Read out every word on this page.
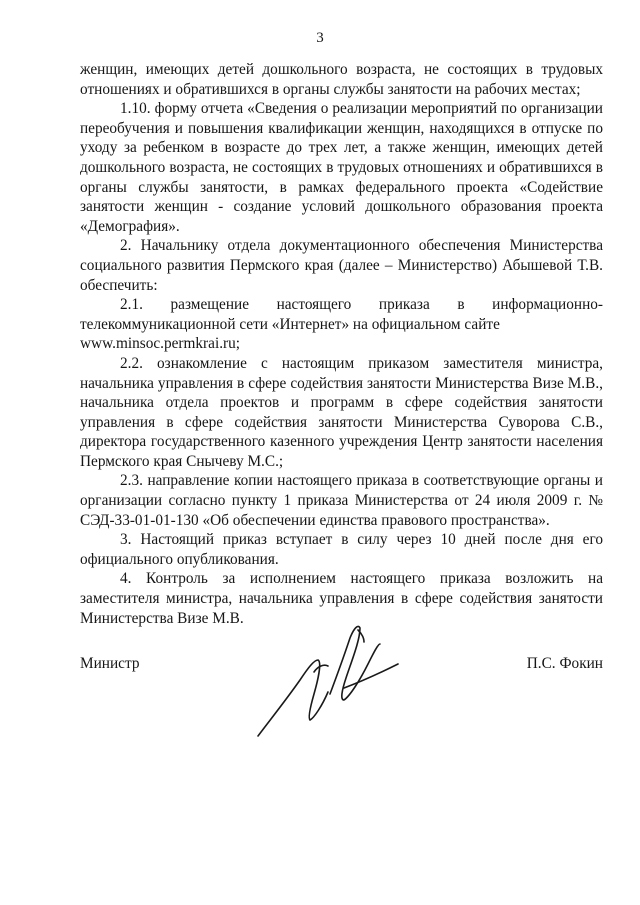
3

женщин, имеющих детей дошкольного возраста, не состоящих в трудовых отношениях и обратившихся в органы службы занятости на рабочих местах;

1.10. форму отчета «Сведения о реализации мероприятий по организации переобучения и повышения квалификации женщин, находящихся в отпуске по уходу за ребенком в возрасте до трех лет, а также женщин, имеющих детей дошкольного возраста, не состоящих в трудовых отношениях и обратившихся в органы службы занятости, в рамках федерального проекта «Содействие занятости женщин - создание условий дошкольного образования проекта «Демография».

2. Начальнику отдела документационного обеспечения Министерства социального развития Пермского края (далее – Министерство) Абышевой Т.В. обеспечить:

2.1. размещение настоящего приказа в информационно-телекоммуникационной сети «Интернет» на официальном сайте

www.minsoc.permkrai.ru;

2.2. ознакомление с настоящим приказом заместителя министра, начальника управления в сфере содействия занятости Министерства Визе М.В., начальника отдела проектов и программ в сфере содействия занятости управления в сфере содействия занятости Министерства Суворова С.В., директора государственного казенного учреждения Центр занятости населения Пермского края Снычеву М.С.;

2.3. направление копии настоящего приказа в соответствующие органы и организации согласно пункту 1 приказа Министерства от 24 июля 2009 г. № СЭД-33-01-01-130 «Об обеспечении единства правового пространства».

3. Настоящий приказ вступает в силу через 10 дней после дня его официального опубликования.

4. Контроль за исполнением настоящего приказа возложить на заместителя министра, начальника управления в сфере содействия занятости Министерства Визе М.В.

Министр	П.С. Фокин
